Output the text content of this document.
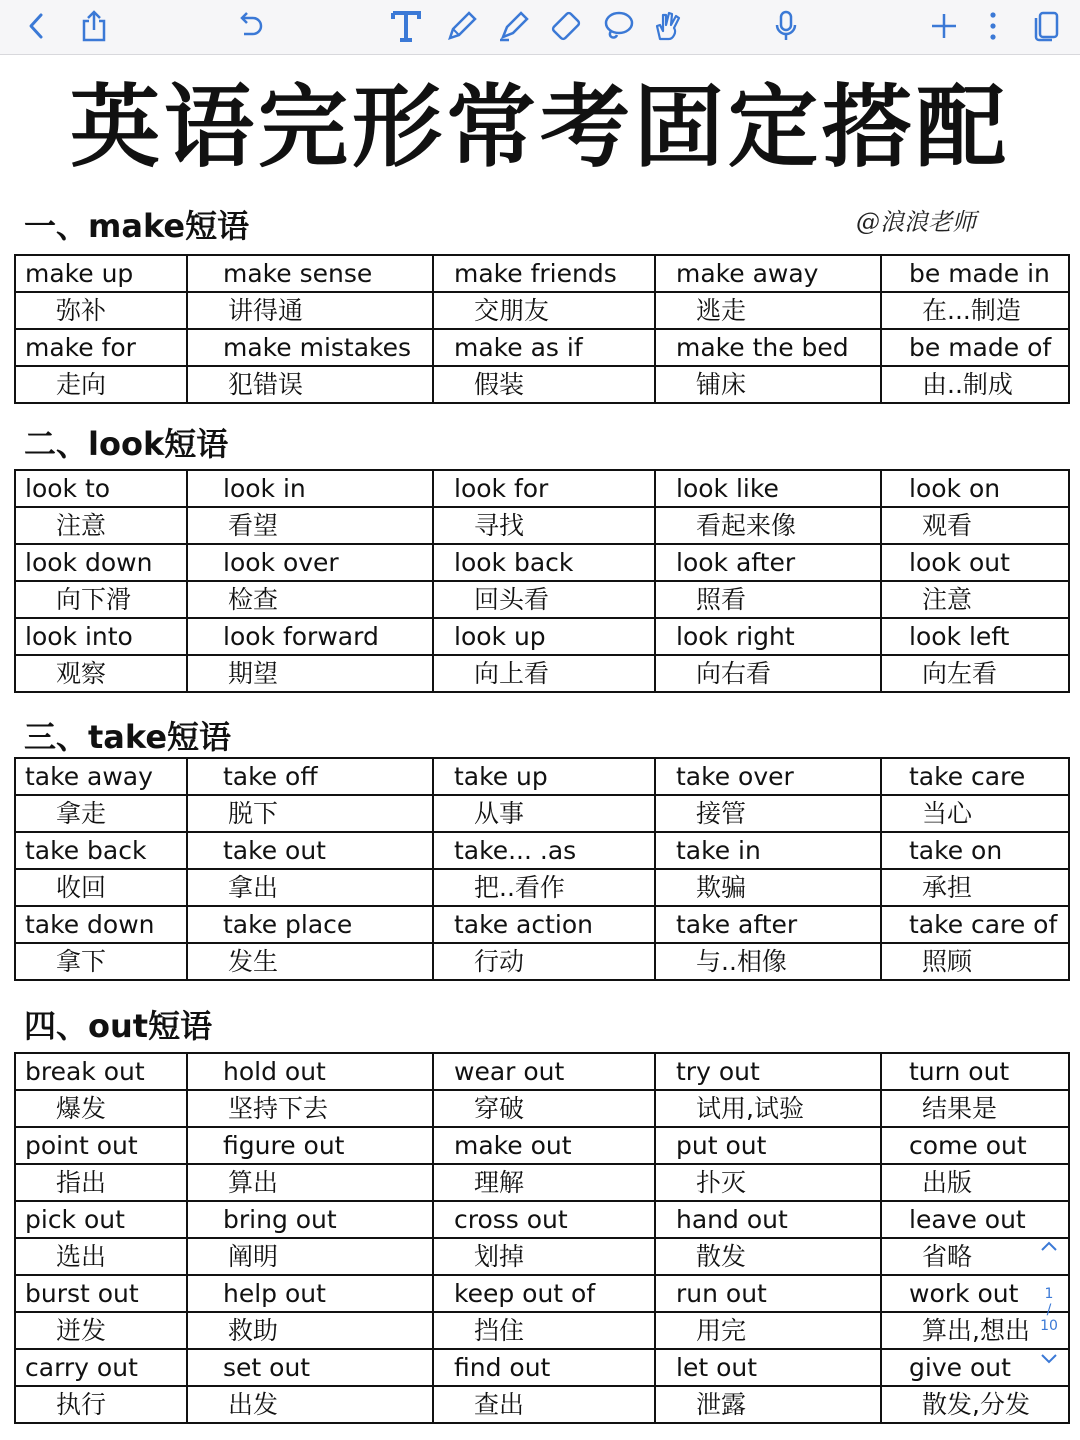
英语完形常考固定搭配
@浪浪老师
一、make短语
make up	make sense	make friends	make away	be made in

弥补	讲得通	交朋友	逃走	在...制造

make for	make mistakes	make as if	make the bed	be made of

走向	犯错误	假装	铺床	由..制成
二、look短语
look to	look in	look for	look like	look on

注意	看望	寻找	看起来像	观看

look down	look over	look back	look after	look out

向下滑	检查	回头看	照看	注意

look into	look forward	look up	look right	look left

观察	期望	向上看	向右看	向左看
三、take短语
take away	take off	take up	take over	take care

拿走	脱下	从事	接管	当心

take back	take out	take... .as	take in	take on

收回	拿出	把..看作	欺骗	承担

take down	take place	take action	take after	take care of

拿下	发生	行动	与..相像	照顾
四、out短语
break out	hold out	wear out	try out	turn out

爆发	坚持下去	穿破	试用,试验	结果是

point out	figure out	make out	put out	come out

指出	算出	理解	扑灭	出版

pick out	bring out	cross out	hand out	leave out

选出	阐明	划掉	散发	省略

burst out	help out	keep out of	run out	work out

迸发	救助	挡住	用完	算出,想出

carry out	set out	find out	let out	give out

执行	出发	查出	泄露	散发,分发
1
/
10
